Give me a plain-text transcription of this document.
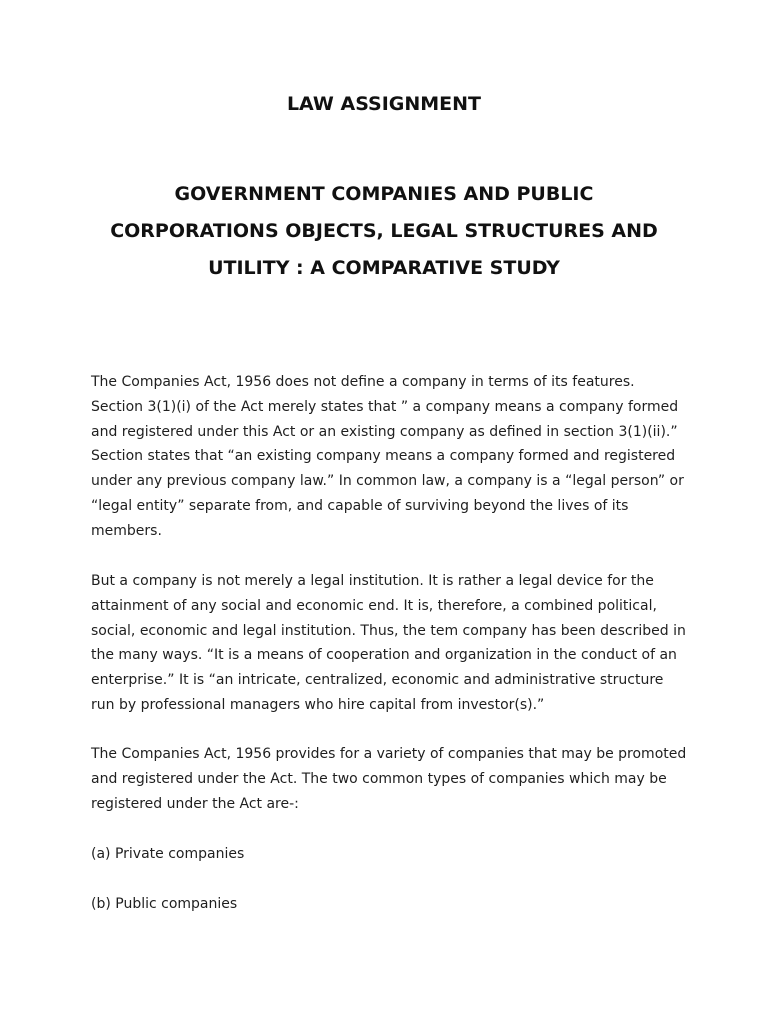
LAW ASSIGNMENT
GOVERNMENT COMPANIES AND PUBLIC
CORPORATIONS OBJECTS, LEGAL STRUCTURES AND
UTILITY : A COMPARATIVE STUDY

The Companies Act, 1956 does not define a company in terms of its features.
Section 3(1)(i) of the Act merely states that ” a company means a company formed
and registered under this Act or an existing company as defined in section 3(1)(ii).”
Section states that “an existing company means a company formed and registered
under any previous company law.” In common law, a company is a “legal person” or
“legal entity” separate from, and capable of surviving beyond the lives of its
members.

But a company is not merely a legal institution. It is rather a legal device for the
attainment of any social and economic end. It is, therefore, a combined political,
social, economic and legal institution. Thus, the tem company has been described in
the many ways. “It is a means of cooperation and organization in the conduct of an
enterprise.” It is “an intricate, centralized, economic and administrative structure
run by professional managers who hire capital from investor(s).”

The Companies Act, 1956 provides for a variety of companies that may be promoted
and registered under the Act. The two common types of companies which may be
registered under the Act are-:

(a) Private companies

(b) Public companies
